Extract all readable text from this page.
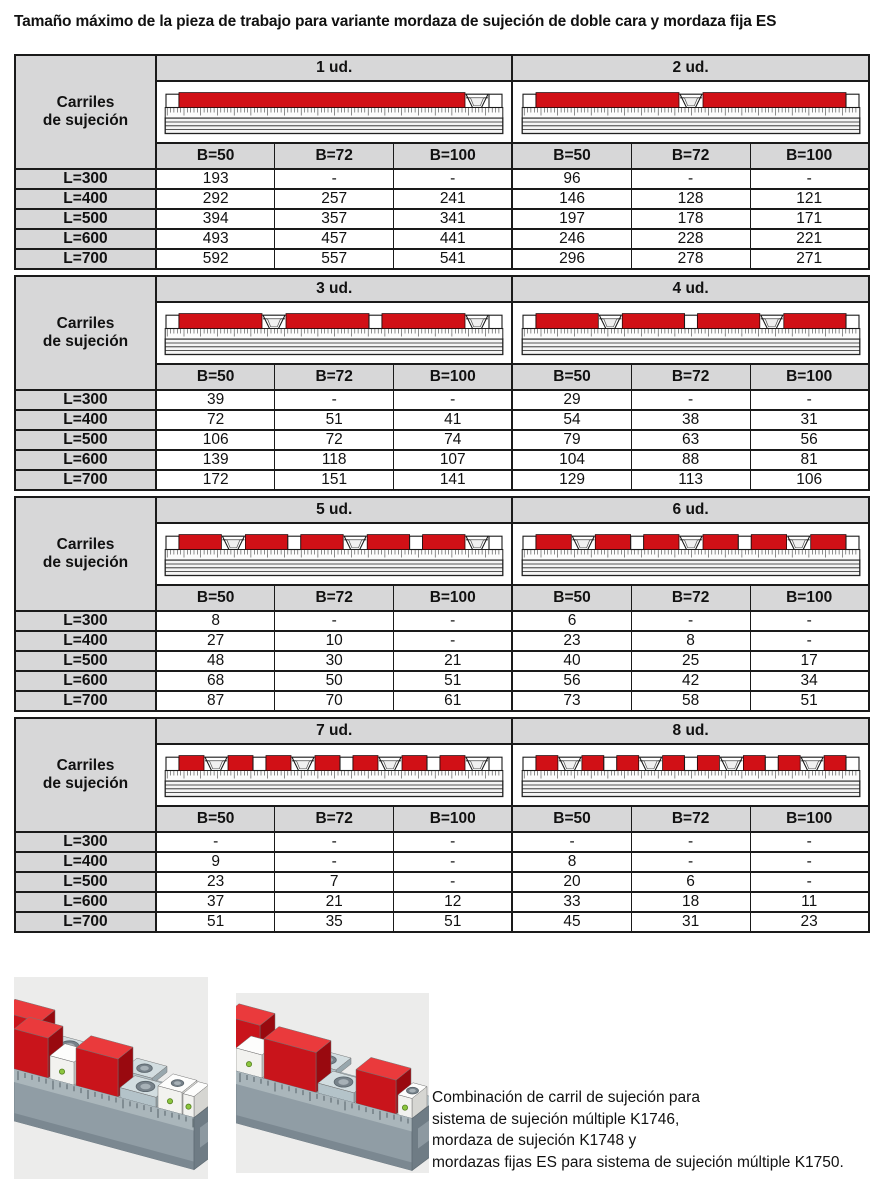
Tamaño máximo de la pieza de trabajo para variante mordaza de sujeción de doble cara y mordaza fija ES
Carriles
de sujeción	1 ud.			2 ud.		

	B=50	B=72	B=100	B=50	B=72	B=100
L=300	193	-	-	96	-	-
L=400	292	257	241	146	128	121
L=500	394	357	341	197	178	171
L=600	493	457	441	246	228	221
L=700	592	557	541	296	278	271
Carriles
de sujeción	3 ud.			4 ud.		

	B=50	B=72	B=100	B=50	B=72	B=100
L=300	39	-	-	29	-	-
L=400	72	51	41	54	38	31
L=500	106	72	74	79	63	56
L=600	139	118	107	104	88	81
L=700	172	151	141	129	113	106
Carriles
de sujeción	5 ud.			6 ud.		

	B=50	B=72	B=100	B=50	B=72	B=100
L=300	8	-	-	6	-	-
L=400	27	10	-	23	8	-
L=500	48	30	21	40	25	17
L=600	68	50	51	56	42	34
L=700	87	70	61	73	58	51
Carriles
de sujeción	7 ud.			8 ud.		

	B=50	B=72	B=100	B=50	B=72	B=100
L=300	-	-	-	-	-	-
L=400	9	-	-	8	-	-
L=500	23	7	-	20	6	-
L=600	37	21	12	33	18	11
L=700	51	35	51	45	31	23
Combinación de carril de sujeción para
sistema de sujeción múltiple K1746,
mordaza de sujeción K1748 y
mordazas fijas ES para sistema de sujeción múltiple K1750.
